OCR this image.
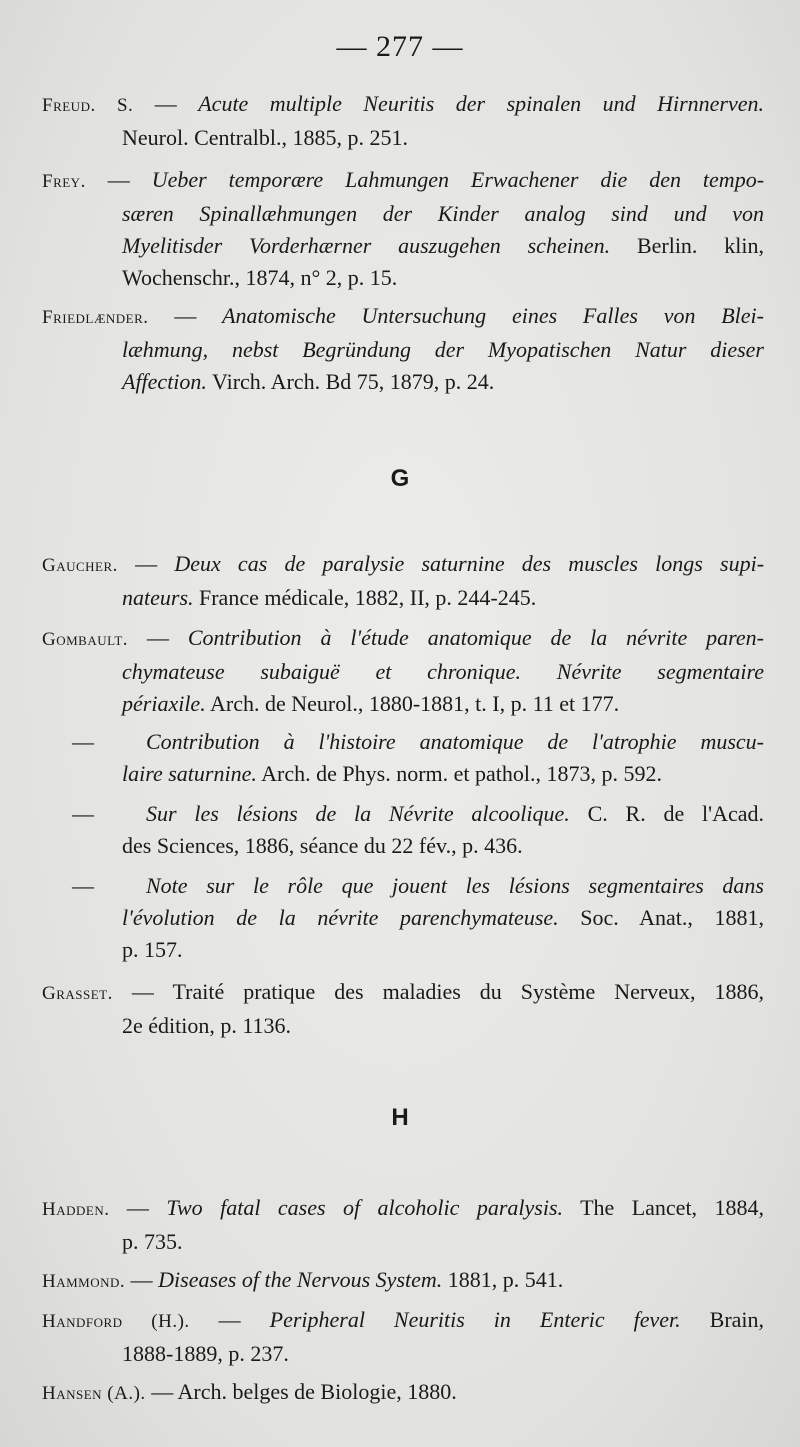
— 277 —
Freud. S. — Acute multiple Neuritis der spinalen und Hirnnerven.
Neurol. Centralbl., 1885, p. 251.
Frey. — Ueber temporære Lahmungen Erwachener die den tempo-
særen Spinallæhmungen der Kinder analog sind und von
Myelitisder Vorderhærner auszugehen scheinen. Berlin. klin,
Wochenschr., 1874, n° 2, p. 15.
Friedlænder. — Anatomische Untersuchung eines Falles von Blei-
læhmung, nebst Begründung der Myopatischen Natur dieser
Affection. Virch. Arch. Bd 75, 1879, p. 24.
G
Gaucher. — Deux cas de paralysie saturnine des muscles longs supi-
nateurs. France médicale, 1882, II, p. 244-245.
Gombault. — Contribution à l'étude anatomique de la névrite paren-
chymateuse subaiguë et chronique. Névrite segmentaire
périaxile. Arch. de Neurol., 1880-1881, t. I, p. 11 et 177.
— Contribution à l'histoire anatomique de l'atrophie muscu-
laire saturnine. Arch. de Phys. norm. et pathol., 1873, p. 592.
— Sur les lésions de la Névrite alcoolique. C. R. de l'Acad.
des Sciences, 1886, séance du 22 fév., p. 436.
— Note sur le rôle que jouent les lésions segmentaires dans
l'évolution de la névrite parenchymateuse. Soc. Anat., 1881,
p. 157.
Grasset. — Traité pratique des maladies du Système Nerveux, 1886,
2e édition, p. 1136.
H
Hadden. — Two fatal cases of alcoholic paralysis. The Lancet, 1884,
p. 735.
Hammond. — Diseases of the Nervous System. 1881, p. 541.
Handford (H.). — Peripheral Neuritis in Enteric fever. Brain,
1888-1889, p. 237.
Hansen (A.). — Arch. belges de Biologie, 1880.
